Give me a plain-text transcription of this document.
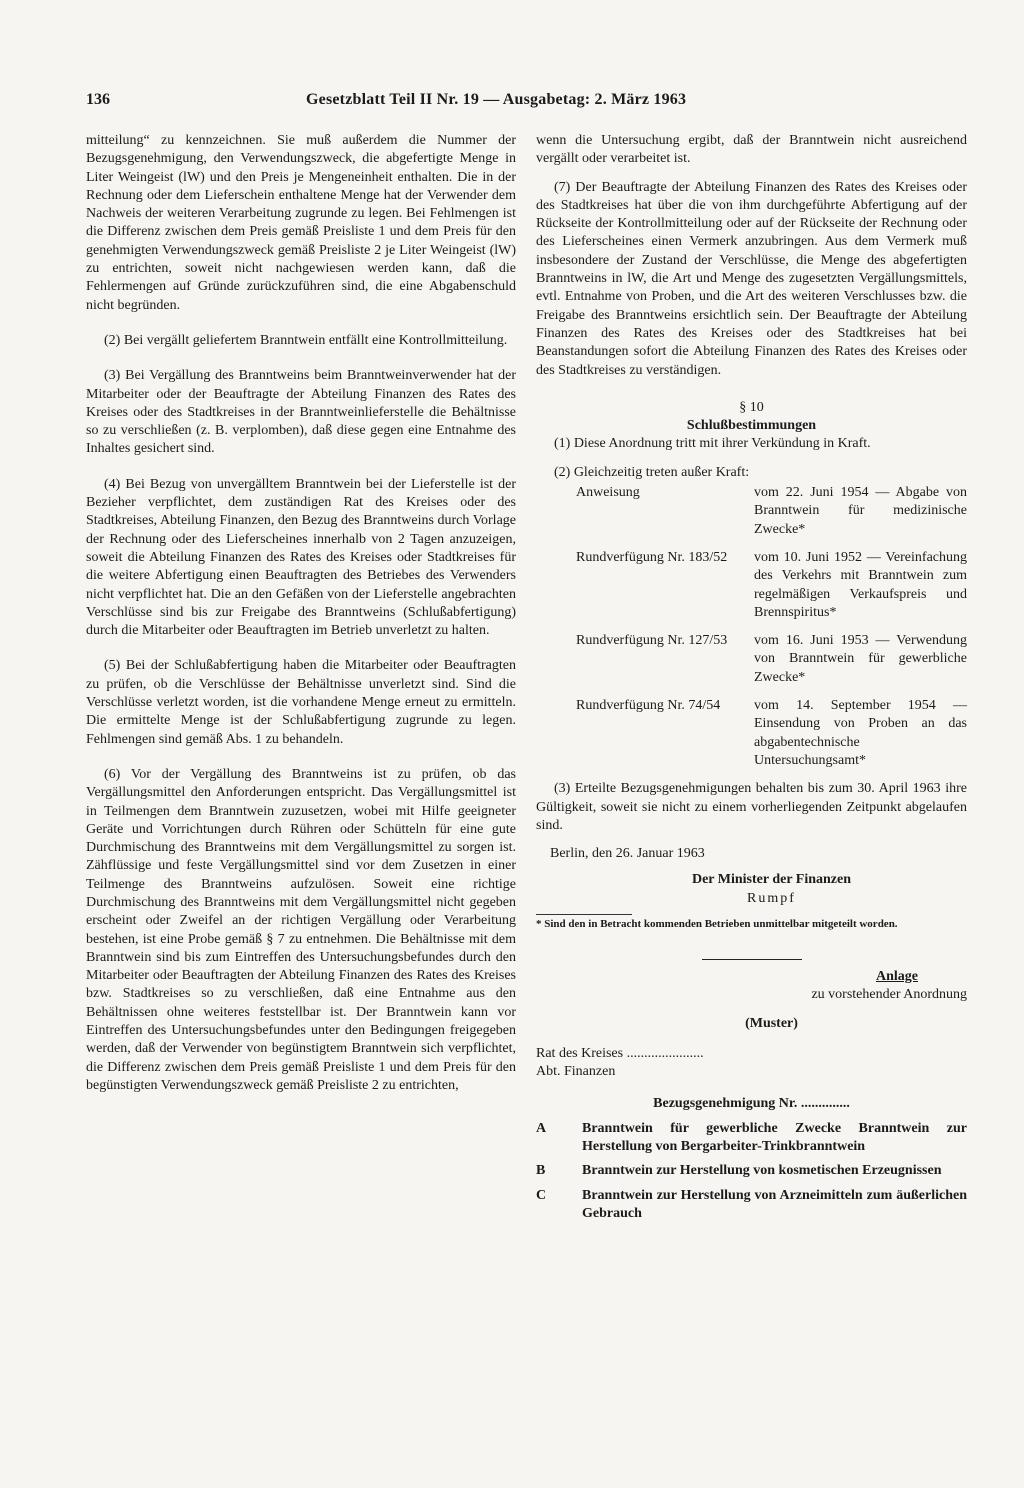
136	Gesetzblatt Teil II Nr. 19 — Ausgabetag: 2. März 1963

mitteilung“ zu kennzeichnen. Sie muß außerdem die Nummer der Bezugsgenehmigung, den Verwendungszweck, die abgefertigte Menge in Liter Weingeist (lW) und den Preis je Mengeneinheit enthalten. Die in der Rechnung oder dem Lieferschein enthaltene Menge hat der Verwender dem Nachweis der weiteren Verarbeitung zugrunde zu legen. Bei Fehlmengen ist die Differenz zwischen dem Preis gemäß Preisliste 1 und dem Preis für den genehmigten Verwendungszweck gemäß Preisliste 2 je Liter Weingeist (lW) zu entrichten, soweit nicht nachgewiesen werden kann, daß die Fehlermengen auf Gründe zurückzuführen sind, die eine Abgabenschuld nicht begründen.

(2) Bei vergällt geliefertem Branntwein entfällt eine Kontrollmitteilung.

(3) Bei Vergällung des Branntweins beim Branntweinverwender hat der Mitarbeiter oder der Beauftragte der Abteilung Finanzen des Rates des Kreises oder des Stadtkreises in der Branntweinlieferstelle die Behältnisse so zu verschließen (z. B. verplomben), daß diese gegen eine Entnahme des Inhaltes gesichert sind.

(4) Bei Bezug von unvergälltem Branntwein bei der Lieferstelle ist der Bezieher verpflichtet, dem zuständigen Rat des Kreises oder des Stadtkreises, Abteilung Finanzen, den Bezug des Branntweins durch Vorlage der Rechnung oder des Lieferscheines innerhalb von 2 Tagen anzuzeigen, soweit die Abteilung Finanzen des Rates des Kreises oder Stadtkreises für die weitere Abfertigung einen Beauftragten des Betriebes des Verwenders nicht verpflichtet hat. Die an den Gefäßen von der Lieferstelle angebrachten Verschlüsse sind bis zur Freigabe des Branntweins (Schlußabfertigung) durch die Mitarbeiter oder Beauftragten im Betrieb unverletzt zu halten.

(5) Bei der Schlußabfertigung haben die Mitarbeiter oder Beauftragten zu prüfen, ob die Verschlüsse der Behältnisse unverletzt sind. Sind die Verschlüsse verletzt worden, ist die vorhandene Menge erneut zu ermitteln. Die ermittelte Menge ist der Schlußabfertigung zugrunde zu legen. Fehlmengen sind gemäß Abs. 1 zu behandeln.

(6) Vor der Vergällung des Branntweins ist zu prüfen, ob das Vergällungsmittel den Anforderungen entspricht. Das Vergällungsmittel ist in Teilmengen dem Branntwein zuzusetzen, wobei mit Hilfe geeigneter Geräte und Vorrichtungen durch Rühren oder Schütteln für eine gute Durchmischung des Branntweins mit dem Vergällungsmittel zu sorgen ist. Zähflüssige und feste Vergällungsmittel sind vor dem Zusetzen in einer Teilmenge des Branntweins aufzulösen. Soweit eine richtige Durchmischung des Branntweins mit dem Vergällungsmittel nicht gegeben erscheint oder Zweifel an der richtigen Vergällung oder Verarbeitung bestehen, ist eine Probe gemäß § 7 zu entnehmen. Die Behältnisse mit dem Branntwein sind bis zum Eintreffen des Untersuchungsbefundes durch den Mitarbeiter oder Beauftragten der Abteilung Finanzen des Rates des Kreises bzw. Stadtkreises so zu verschließen, daß eine Entnahme aus den Behältnissen ohne weiteres feststellbar ist. Der Branntwein kann vor Eintreffen des Untersuchungsbefundes unter den Bedingungen freigegeben werden, daß der Verwender von begünstigtem Branntwein sich verpflichtet, die Differenz zwischen dem Preis gemäß Preisliste 1 und dem Preis für den begünstigten Verwendungszweck gemäß Preisliste 2 zu entrichten,

wenn die Untersuchung ergibt, daß der Branntwein nicht ausreichend vergällt oder verarbeitet ist.

(7) Der Beauftragte der Abteilung Finanzen des Rates des Kreises oder des Stadtkreises hat über die von ihm durchgeführte Abfertigung auf der Rückseite der Kontrollmitteilung oder auf der Rückseite der Rechnung oder des Lieferscheines einen Vermerk anzubringen. Aus dem Vermerk muß insbesondere der Zustand der Verschlüsse, die Menge des abgefertigten Branntweins in lW, die Art und Menge des zugesetzten Vergällungsmittels, evtl. Entnahme von Proben, und die Art des weiteren Verschlusses bzw. die Freigabe des Branntweins ersichtlich sein. Der Beauftragte der Abteilung Finanzen des Rates des Kreises oder des Stadtkreises hat bei Beanstandungen sofort die Abteilung Finanzen des Rates des Kreises oder des Stadtkreises zu verständigen.

§ 10

Schlußbestimmungen

(1) Diese Anordnung tritt mit ihrer Verkündung in Kraft.

(2) Gleichzeitig treten außer Kraft:

Anweisung	vom 22. Juni 1954 — Abgabe von Branntwein für medizinische Zwecke*
Rundverfügung Nr. 183/52	vom 10. Juni 1952 — Vereinfachung des Verkehrs mit Branntwein zum regelmäßigen Verkaufspreis und Brennspiritus*
Rundverfügung Nr. 127/53	vom 16. Juni 1953 — Verwendung von Branntwein für gewerbliche Zwecke*
Rundverfügung Nr. 74/54	vom 14. September 1954 — Einsendung von Proben an das abgabentechnische Untersuchungsamt*

(3) Erteilte Bezugsgenehmigungen behalten bis zum 30. April 1963 ihre Gültigkeit, soweit sie nicht zu einem vorherliegenden Zeitpunkt abgelaufen sind.

Berlin, den 26. Januar 1963

Der Minister der Finanzen

Rumpf

* Sind den in Betracht kommenden Betrieben unmittelbar mitgeteilt worden.

Anlage

zu vorstehender Anordnung

(Muster)

Rat des Kreises ......................

Abt. Finanzen

Bezugsgenehmigung Nr. ..............

A	Branntwein für gewerbliche Zwecke Branntwein zur Herstellung von Bergarbeiter-Trinkbranntwein
B	Branntwein zur Herstellung von kosmetischen Erzeugnissen
C	Branntwein zur Herstellung von Arzneimitteln zum äußerlichen Gebrauch
